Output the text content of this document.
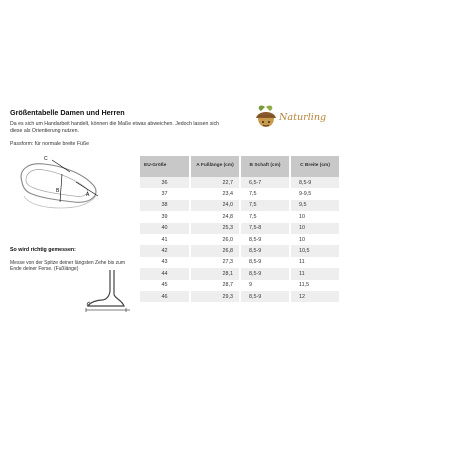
Größentabelle Damen und Herren
Da es sich um Handarbeit handelt, können die Maße etwas abweichen. Jedoch lassen sich diese als Orientierung nutzen.
Passform: für normale breite Füße
Naturling
C
B
A
So wird richtig gemessen:
Messe von der Spitze deiner längsten Zehe bis zum Ende deiner Ferse. (Fußlänge)
EU-Größe	A Fußlänge (cm)	B Schaft (cm)	C Breite (cm)
36	22,7	6,5-7	8,5-9
37	23,4	7,5	9-9,5
38	24,0	7,5	9,5
39	24,8	7,5	10
40	25,3	7,5-8	10
41	26,0	8,5-9	10
42	26,8	8,5-9	10,5
43	27,3	8,5-9	11
44	28,1	8,5-9	11
45	28,7	9	11,5
46	29,3	8,5-9	12
